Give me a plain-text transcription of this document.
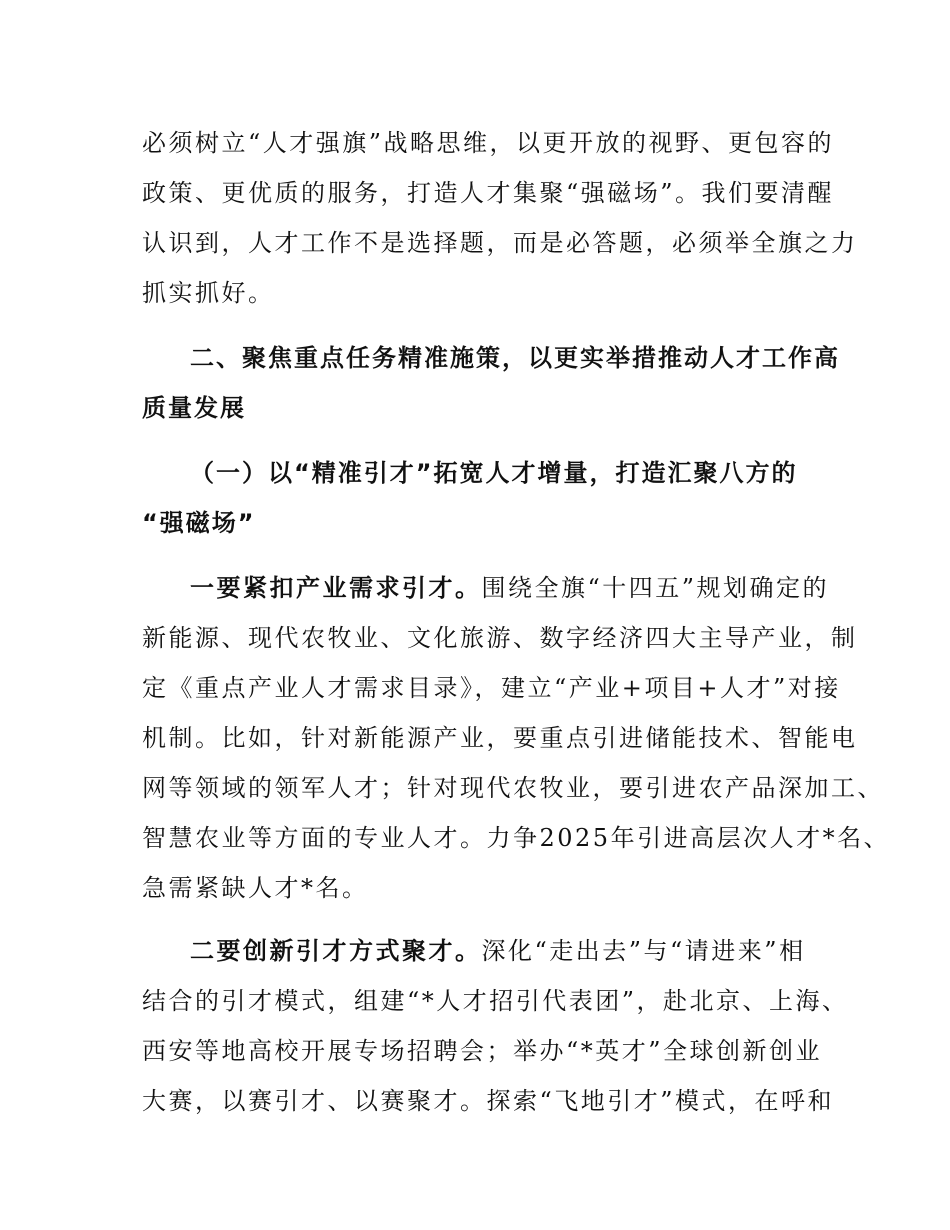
必须树立“人才强旗”战略思维，以更开放的视野、更包容的
政策、更优质的服务，打造人才集聚“强磁场”。我们要清醒
认识到，人才工作不是选择题，而是必答题，必须举全旗之力
抓实抓好。
二、聚焦重点任务精准施策，以更实举措推动人才工作高
质量发展
（一）以“精准引才”拓宽人才增量，打造汇聚八方的
“强磁场”
一要紧扣产业需求引才。围绕全旗“十四五”规划确定的
新能源、现代农牧业、文化旅游、数字经济四大主导产业，制
定《重点产业人才需求目录》，建立“产业+项目+人才”对接
机制。比如，针对新能源产业，要重点引进储能技术、智能电
网等领域的领军人才；针对现代农牧业，要引进农产品深加工、
智慧农业等方面的专业人才。力争2025年引进高层次人才*名、
急需紧缺人才*名。
二要创新引才方式聚才。深化“走出去”与“请进来”相
结合的引才模式，组建“*人才招引代表团”，赴北京、上海、
西安等地高校开展专场招聘会；举办“*英才”全球创新创业
大赛，以赛引才、以赛聚才。探索“飞地引才”模式，在呼和
